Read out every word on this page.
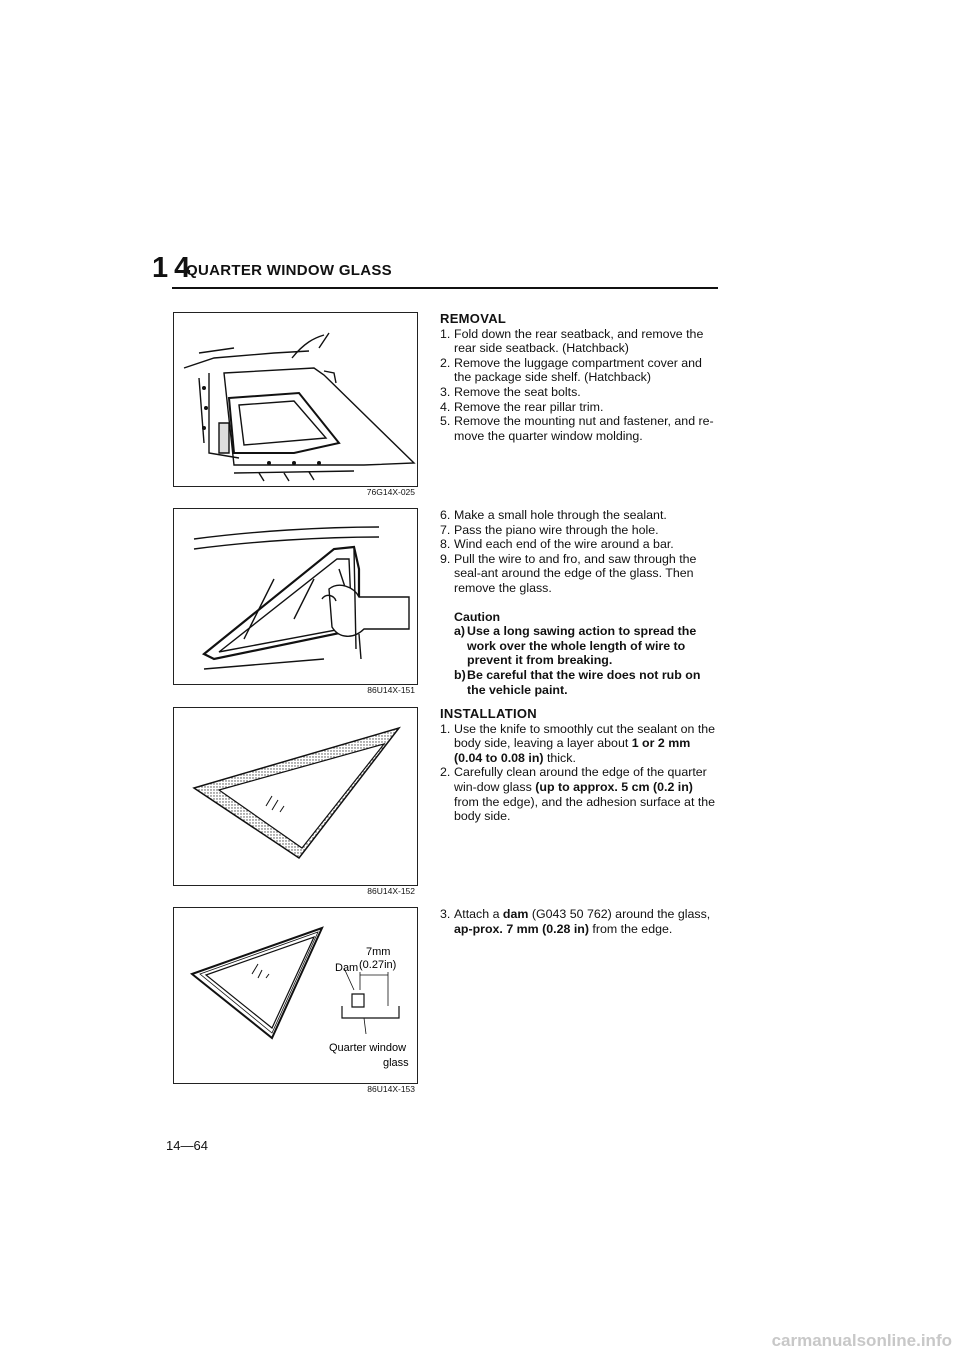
1 4
QUARTER WINDOW GLASS
76G14X-025
86U14X-151
86U14X-152
Dam
7mm
(0.27in)
Quarter window
glass
86U14X-153
REMOVAL
1. Fold down the rear seatback, and remove the rear side seatback. (Hatchback)
2. Remove the luggage compartment cover and the package side shelf. (Hatchback)
3. Remove the seat bolts.
4. Remove the rear pillar trim.
5. Remove the mounting nut and fastener, and re-move the quarter window molding.
6. Make a small hole through the sealant.
7. Pass the piano wire through the hole.
8. Wind each end of the wire around a bar.
9. Pull the wire to and fro, and saw through the seal-ant around the edge of the glass. Then remove the glass.
Caution
a) Use a long sawing action to spread the work over the whole length of wire to prevent it from breaking.
b) Be careful that the wire does not rub on the vehicle paint.
INSTALLATION
1. Use the knife to smoothly cut the sealant on the body side, leaving a layer about 1 or 2 mm (0.04 to 0.08 in) thick.
2. Carefully clean around the edge of the quarter win-dow glass (up to approx. 5 cm (0.2 in) from the edge), and the adhesion surface at the body side.
3. Attach a dam (G043 50 762) around the glass, ap-prox. 7 mm (0.28 in) from the edge.
14—64
carmanualsonline.info
